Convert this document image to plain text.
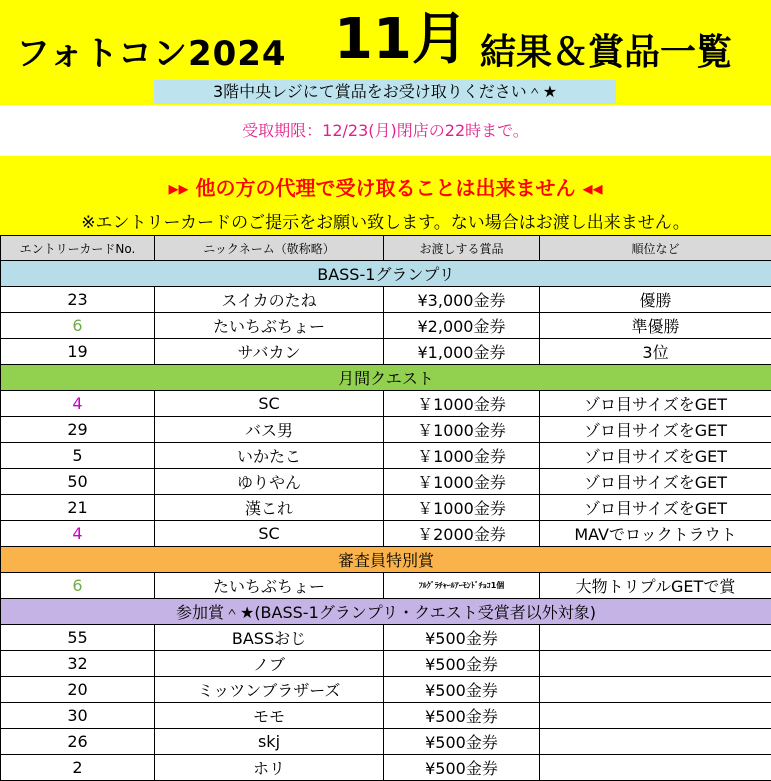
フォトコン2024 11月 結果＆賞品一覧
3階中央レジにて賞品をお受け取りください＾★
受取期限：12/23(月)閉店の22時まで。
▸▸ 他の方の代理で受け取ることは出来ません ◂◂
※エントリーカードのご提示をお願い致します。ない場合はお渡し出来ません。
エントリーカードNo.	ニックネーム（敬称略）	お渡しする賞品	順位など
BASS-1グランプリ			
23	スイカのたね	¥3,000金券	優勝
6	たいちぶちょー	¥2,000金券	準優勝
19	サバカン	¥1,000金券	3位
月間クエスト			
4	SC	￥1000金券	ゾロ目サイズをGET
29	バス男	￥1000金券	ゾロ目サイズをGET
5	いかたこ	￥1000金券	ゾロ目サイズをGET
50	ゆりやん	￥1000金券	ゾロ目サイズをGET
21	漢これ	￥1000金券	ゾロ目サイズをGET
4	SC	￥2000金券	MAVでロックトラウト
審査員特別賞			
6	たいちぶちょー	ﾌﾙｸﾞﾗﾁｬｰﾙｱｰﾓﾝﾄﾞﾁｮｺ1個	大物トリプルGETで賞
参加賞＾★(BASS-1グランプリ・クエスト受賞者以外対象)			
55	BASSおじ	¥500金券	
32	ノブ	¥500金券	
20	ミッツンブラザーズ	¥500金券	
30	モモ	¥500金券	
26	skj	¥500金券	
2	ホリ	¥500金券	
